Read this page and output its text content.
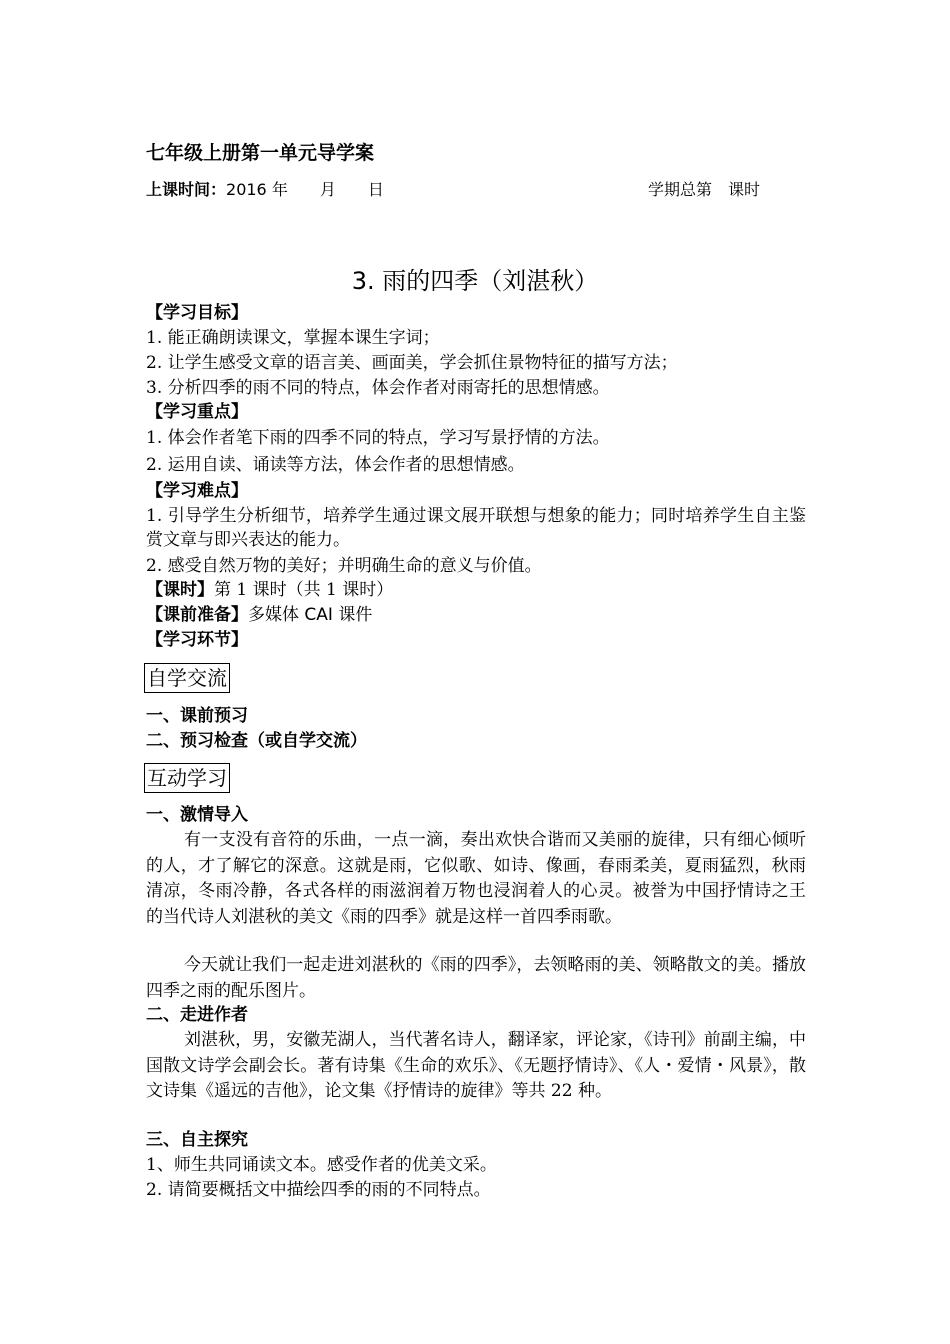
七年级上册第一单元导学案
上课时间：2016 年　　月　　日	学期总第　课时
3. 雨的四季（刘湛秋）
【学习目标】
1. 能正确朗读课文，掌握本课生字词；
2. 让学生感受文章的语言美、画面美，学会抓住景物特征的描写方法；
3. 分析四季的雨不同的特点，体会作者对雨寄托的思想情感。
【学习重点】
1. 体会作者笔下雨的四季不同的特点，学习写景抒情的方法。
2. 运用自读、诵读等方法，体会作者的思想情感。
【学习难点】
1. 引导学生分析细节，培养学生通过课文展开联想与想象的能力；同时培养学生自主鉴赏文章与即兴表达的能力。
2. 感受自然万物的美好；并明确生命的意义与价值。
【课时】第 1 课时（共 1 课时）
【课前准备】多媒体 CAI 课件
【学习环节】
自学交流
一、课前预习
二、预习检查（或自学交流）
互动学习
一、激情导入
有一支没有音符的乐曲，一点一滴，奏出欢快合谐而又美丽的旋律，只有细心倾听的人，才了解它的深意。这就是雨，它似歌、如诗、像画，春雨柔美，夏雨猛烈，秋雨清凉，冬雨冷静，各式各样的雨滋润着万物也浸润着人的心灵。被誉为中国抒情诗之王的当代诗人刘湛秋的美文《雨的四季》就是这样一首四季雨歌。
今天就让我们一起走进刘湛秋的《雨的四季》，去领略雨的美、领略散文的美。播放四季之雨的配乐图片。
二、走进作者
刘湛秋，男，安徽芜湖人，当代著名诗人，翻译家，评论家，《诗刊》前副主编，中国散文诗学会副会长。著有诗集《生命的欢乐》、《无题抒情诗》、《人・爱情・风景》，散文诗集《遥远的吉他》，论文集《抒情诗的旋律》等共 22 种。
三、自主探究
1、师生共同诵读文本。感受作者的优美文采。
2. 请简要概括文中描绘四季的雨的不同特点。
